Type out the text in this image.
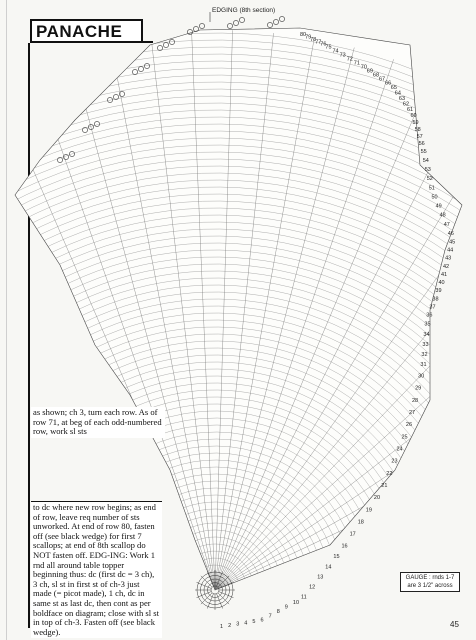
PANACHE
EDGING (8th section)
80
79
78
77
76
75
74
73
72
71
70
69
68
67
66
65
64
63
62
61
60
59
58
57
56
55
54
53
52
51
50
49
48
47
46
45
44
43
42
41
40
39
38
37
36
35
34
33
32
31
30
29
28
27
26
25
24
23
22
21
20
19
18
17
16
15
14
13
12
11
10
9
8
7
6
5
4
3
2
1
as shown; ch 3, turn each row. As of row 71, at beg of each odd-numbered row, work sl sts
to dc where new row begins; as end of row, leave req number of sts unworked. At end of row 80, fasten off (see black wedge) for first 7 scallops; at end of 8th scallop do NOT fasten off. EDG-ING: Work 1 rnd all around table topper beginning thus: dc (first dc = 3 ch), 3 ch, sl st in first st of ch-3 just made (= picot made), 1 ch, dc in same st as last dc, then cont as per boldface on diagram; close with sl st in top of ch-3. Fasten off (see black wedge).
GAUGE : rnds 1-7
are 3 1/2" across
45
